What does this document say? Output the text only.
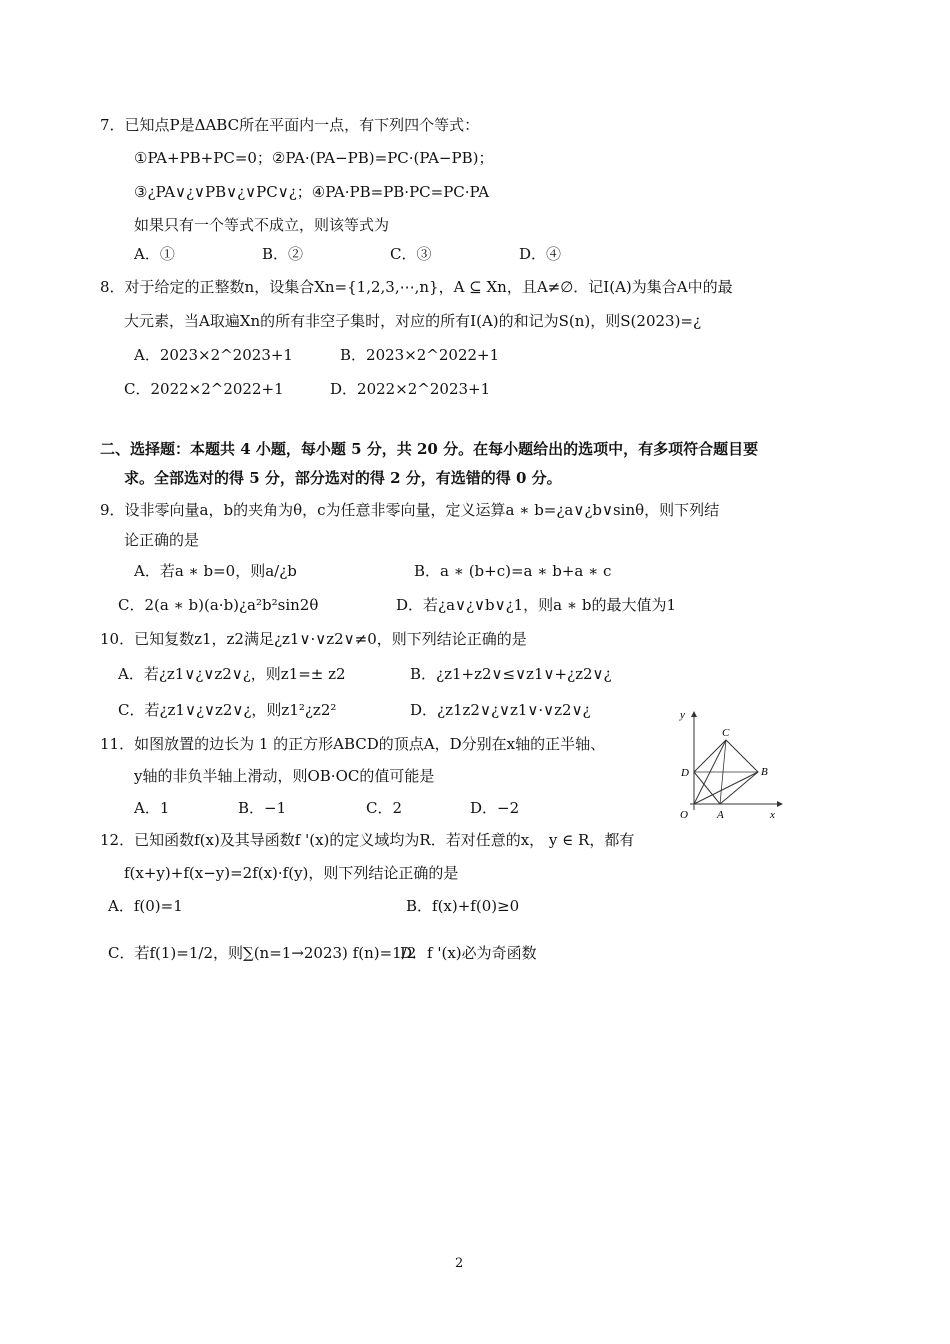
7．已知点P是ΔABC所在平面内一点，有下列四个等式：
①PA+PB+PC=0；②PA·(PA−PB)=PC·(PA−PB)；
③¿PA∨¿∨PB∨¿∨PC∨¿；④PA·PB=PB·PC=PC·PA
如果只有一个等式不成立，则该等式为
A．①	B．②	C．③	D．④
8．对于给定的正整数n，设集合Xn={1,2,3,⋯,n}，A ⊆ Xn，且A≠∅．记I(A)为集合A中的最
大元素，当A取遍Xn的所有非空子集时，对应的所有I(A)的和记为S(n)，则S(2023)=¿
A．2023×2^2023+1	B．2023×2^2022+1
C．2022×2^2022+1	D．2022×2^2023+1
二、选择题：本题共 4 小题，每小题 5 分，共 20 分。在每小题给出的选项中，有多项符合题目要
求。全部选对的得 5 分，部分选对的得 2 分，有选错的得 0 分。
9．设非零向量a，b的夹角为θ，c为任意非零向量，定义运算a ∗ b=¿a∨¿b∨sinθ，则下列结
论正确的是
A．若a ∗ b=0，则a/¿b	B．a ∗ (b+c)=a ∗ b+a ∗ c
C．2(a ∗ b)(a·b)¿a²b²sin2θ	D．若¿a∨¿∨b∨¿1，则a ∗ b的最大值为1
10．已知复数z1，z2满足¿z1∨·∨z2∨≠0，则下列结论正确的是
A．若¿z1∨¿∨z2∨¿，则z1=± z2	B．¿z1+z2∨≤∨z1∨+¿z2∨¿
C．若¿z1∨¿∨z2∨¿，则z1²¿z2²	D．¿z1z2∨¿∨z1∨·∨z2∨¿
11．如图放置的边长为 1 的正方形ABCD的顶点A，D分别在x轴的正半轴、
y轴的非负半轴上滑动，则OB·OC的值可能是
A．1	B．−1	C．2	D．−2
y
x
O	A
B
C
D
12．已知函数f(x)及其导函数f '(x)的定义域均为R．若对任意的x， y ∈ R，都有
f(x+y)+f(x−y)=2f(x)·f(y)，则下列结论正确的是
A．f(0)=1	B．f(x)+f(0)≥0
C．若f(1)=1/2，则∑(n=1→2023) f(n)=1/2
D．f '(x)必为奇函数
2
